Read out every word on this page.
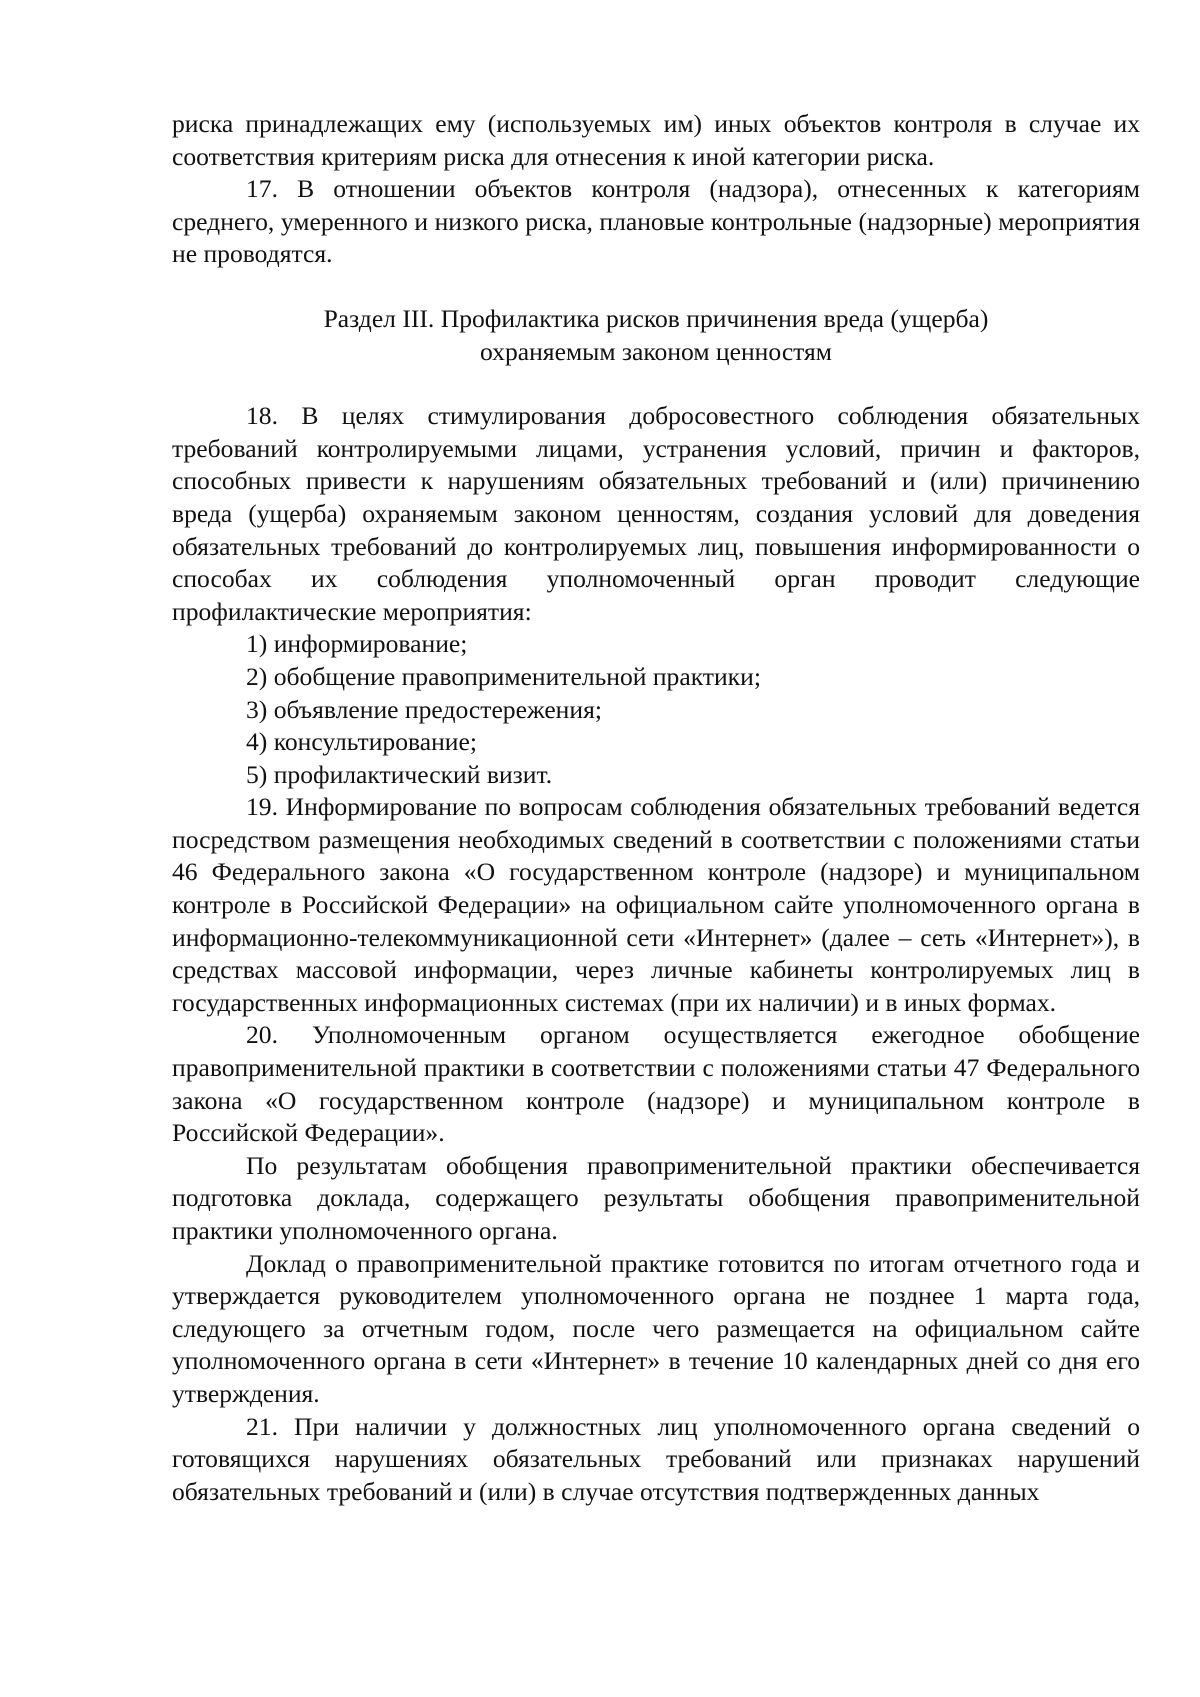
риска принадлежащих ему (используемых им) иных объектов контроля в случае их соответствия критериям риска для отнесения к иной категории риска.

17. В отношении объектов контроля (надзора), отнесенных к категориям среднего, умеренного и низкого риска, плановые контрольные (надзорные) мероприятия не проводятся.

Раздел III. Профилактика рисков причинения вреда (ущерба)
охраняемым законом ценностям

18. В целях стимулирования добросовестного соблюдения обязательных требований контролируемыми лицами, устранения условий, причин и факторов, способных привести к нарушениям обязательных требований и (или) причинению вреда (ущерба) охраняемым законом ценностям, создания условий для доведения обязательных требований до контролируемых лиц, повышения информированности о способах их соблюдения уполномоченный орган проводит следующие профилактические мероприятия:

1) информирование;

2) обобщение правоприменительной практики;

3) объявление предостережения;

4) консультирование;

5) профилактический визит.

19. Информирование по вопросам соблюдения обязательных требований ведется посредством размещения необходимых сведений в соответствии с положениями статьи 46 Федерального закона «О государственном контроле (надзоре) и муниципальном контроле в Российской Федерации» на официальном сайте уполномоченного органа в информационно-телекоммуникационной сети «Интернет» (далее – сеть «Интернет»), в средствах массовой информации, через личные кабинеты контролируемых лиц в государственных информационных системах (при их наличии) и в иных формах.

20. Уполномоченным органом осуществляется ежегодное обобщение правоприменительной практики в соответствии с положениями статьи 47 Федерального закона «О государственном контроле (надзоре) и муниципальном контроле в Российской Федерации».

По результатам обобщения правоприменительной практики обеспечивается подготовка доклада, содержащего результаты обобщения правоприменительной практики уполномоченного органа.

Доклад о правоприменительной практике готовится по итогам отчетного года и утверждается руководителем уполномоченного органа не позднее 1 марта года, следующего за отчетным годом, после чего размещается на официальном сайте уполномоченного органа в сети «Интернет» в течение 10 календарных дней со дня его утверждения.

21. При наличии у должностных лиц уполномоченного органа сведений о готовящихся нарушениях обязательных требований или признаках нарушений обязательных требований и (или) в случае отсутствия подтвержденных данных
